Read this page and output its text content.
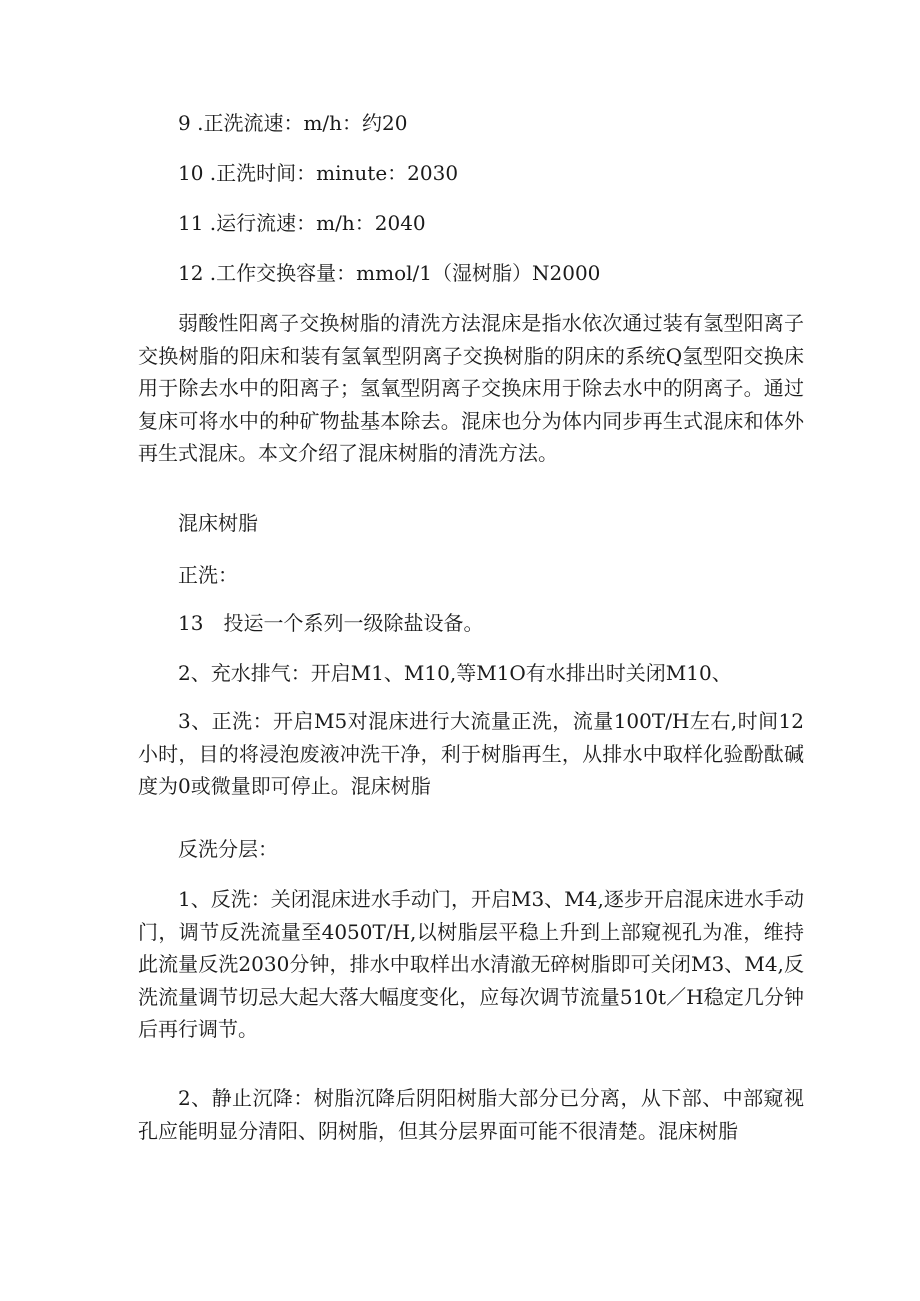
9 .正洗流速：m/h：约20
10 .正洗时间：minute：2030
11 .运行流速：m/h：2040
12 .工作交换容量：mmol/1（湿树脂）N2000

弱酸性阳离子交换树脂的清洗方法混床是指水依次通过装有氢型阳离子交换树脂的阳床和装有氢氧型阴离子交换树脂的阴床的系统Q氢型阳交换床用于除去水中的阳离子；氢氧型阴离子交换床用于除去水中的阴离子。通过复床可将水中的种矿物盐基本除去。混床也分为体内同步再生式混床和体外再生式混床。本文介绍了混床树脂的清洗方法。

混床树脂
正洗：
13　投运一个系列一级除盐设备。
2、充水排气：开启M1、M10,等M1O有水排出时关闭M10、

3、正洗：开启M5对混床进行大流量正洗，流量100T/H左右,时间12小时，目的将浸泡废液冲洗干净，利于树脂再生，从排水中取样化验酚酞碱度为0或微量即可停止。混床树脂

反洗分层：

1、反洗：关闭混床进水手动门，开启M3、M4,逐步开启混床进水手动门，调节反洗流量至4050T/H,以树脂层平稳上升到上部窥视孔为准，维持此流量反洗2030分钟，排水中取样出水清澈无碎树脂即可关闭M3、M4,反洗流量调节切忌大起大落大幅度变化，应每次调节流量510t／H稳定几分钟后再行调节。

2、静止沉降：树脂沉降后阴阳树脂大部分已分离，从下部、中部窥视孔应能明显分清阳、阴树脂，但其分层界面可能不很清楚。混床树脂
